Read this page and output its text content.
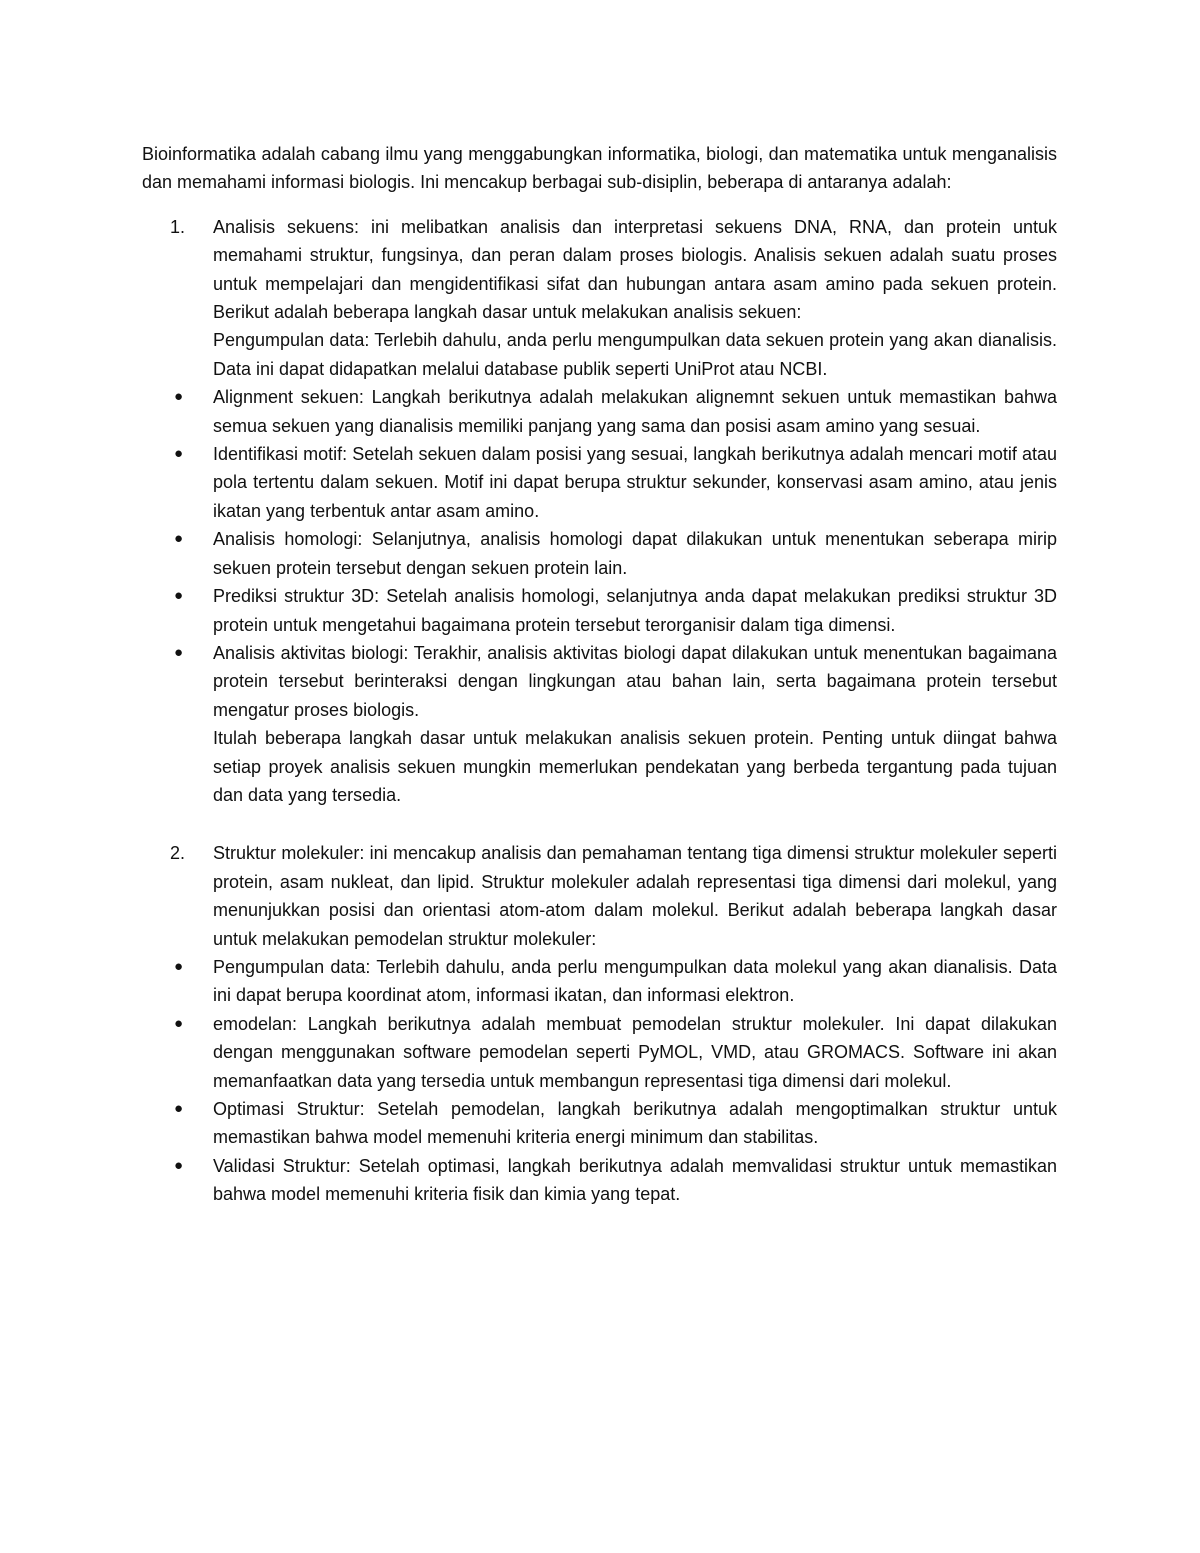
Bioinformatika adalah cabang ilmu yang menggabungkan informatika, biologi, dan matematika untuk menganalisis dan memahami informasi biologis. Ini mencakup berbagai sub-disiplin, beberapa di antaranya adalah:

1. Analisis sekuens: ini melibatkan analisis dan interpretasi sekuens DNA, RNA, dan protein untuk memahami struktur, fungsinya, dan peran dalam proses biologis. Analisis sekuen adalah suatu proses untuk mempelajari dan mengidentifikasi sifat dan hubungan antara asam amino pada sekuen protein. Berikut adalah beberapa langkah dasar untuk melakukan analisis sekuen:

Pengumpulan data: Terlebih dahulu, anda perlu mengumpulkan data sekuen protein yang akan dianalisis. Data ini dapat didapatkan melalui database publik seperti UniProt atau NCBI.

● Alignment sekuen: Langkah berikutnya adalah melakukan alignemnt sekuen untuk memastikan bahwa semua sekuen yang dianalisis memiliki panjang yang sama dan posisi asam amino yang sesuai.
● Identifikasi motif: Setelah sekuen dalam posisi yang sesuai, langkah berikutnya adalah mencari motif atau pola tertentu dalam sekuen. Motif ini dapat berupa struktur sekunder, konservasi asam amino, atau jenis ikatan yang terbentuk antar asam amino.
● Analisis homologi: Selanjutnya, analisis homologi dapat dilakukan untuk menentukan seberapa mirip sekuen protein tersebut dengan sekuen protein lain.
● Prediksi struktur 3D: Setelah analisis homologi, selanjutnya anda dapat melakukan prediksi struktur 3D protein untuk mengetahui bagaimana protein tersebut terorganisir dalam tiga dimensi.
● Analisis aktivitas biologi: Terakhir, analisis aktivitas biologi dapat dilakukan untuk menentukan bagaimana protein tersebut berinteraksi dengan lingkungan atau bahan lain, serta bagaimana protein tersebut mengatur proses biologis.

Itulah beberapa langkah dasar untuk melakukan analisis sekuen protein. Penting untuk diingat bahwa setiap proyek analisis sekuen mungkin memerlukan pendekatan yang berbeda tergantung pada tujuan dan data yang tersedia.

2. Struktur molekuler: ini mencakup analisis dan pemahaman tentang tiga dimensi struktur molekuler seperti protein, asam nukleat, dan lipid. Struktur molekuler adalah representasi tiga dimensi dari molekul, yang menunjukkan posisi dan orientasi atom-atom dalam molekul. Berikut adalah beberapa langkah dasar untuk melakukan pemodelan struktur molekuler:

● Pengumpulan data: Terlebih dahulu, anda perlu mengumpulkan data molekul yang akan dianalisis. Data ini dapat berupa koordinat atom, informasi ikatan, dan informasi elektron.
● emodelan: Langkah berikutnya adalah membuat pemodelan struktur molekuler. Ini dapat dilakukan dengan menggunakan software pemodelan seperti PyMOL, VMD, atau GROMACS. Software ini akan memanfaatkan data yang tersedia untuk membangun representasi tiga dimensi dari molekul.
● Optimasi Struktur: Setelah pemodelan, langkah berikutnya adalah mengoptimalkan struktur untuk memastikan bahwa model memenuhi kriteria energi minimum dan stabilitas.
● Validasi Struktur: Setelah optimasi, langkah berikutnya adalah memvalidasi struktur untuk memastikan bahwa model memenuhi kriteria fisik dan kimia yang tepat.
